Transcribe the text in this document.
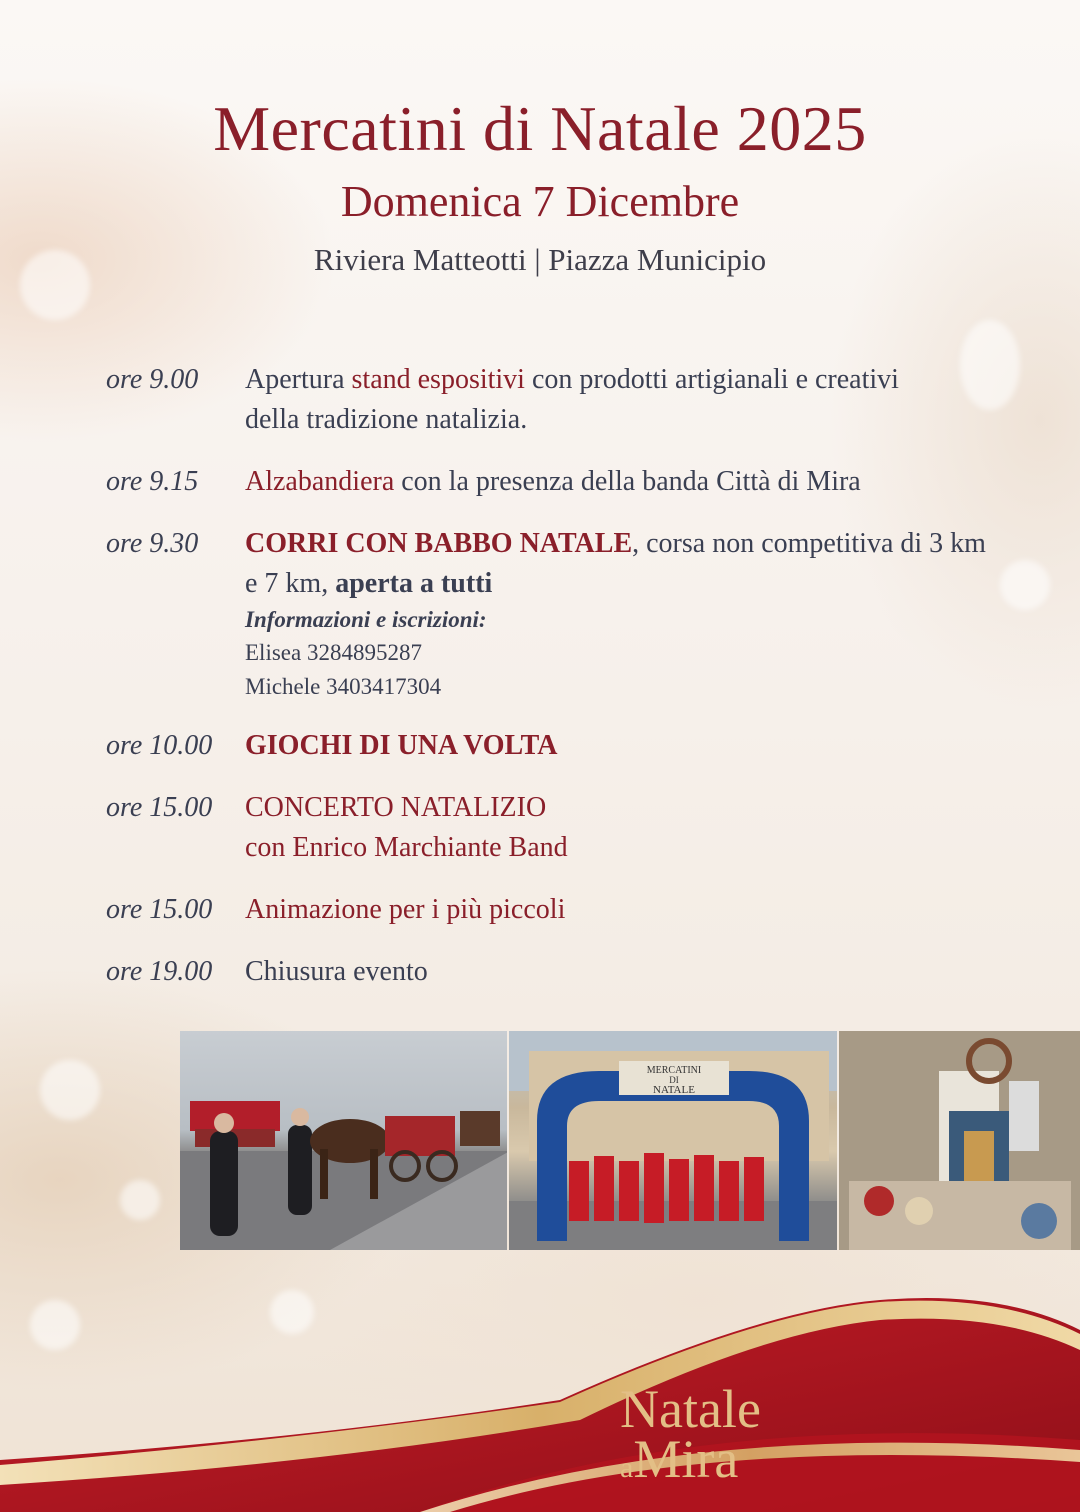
Mercatini di Natale 2025
Domenica 7 Dicembre
Riviera Matteotti | Piazza Municipio
ore 9.00	Apertura stand espositivi con prodotti artigianali e creativi della tradizione natalizia.
ore 9.15	Alzabandiera con la presenza della banda Città di Mira
ore 9.30	CORRI CON BABBO NATALE, corsa non competitiva di 3 km e 7 km, aperta a tutti
Informazioni e iscrizioni:
Elisea 3284895287
Michele 3403417304
ore 10.00	GIOCHI DI UNA VOLTA
ore 15.00	CONCERTO NATALIZIO
con Enrico Marchiante Band
ore 15.00	Animazione per i più piccoli
ore 19.00	Chiusura evento
MERCATINI
DI
NATALE
Natale
aMira
